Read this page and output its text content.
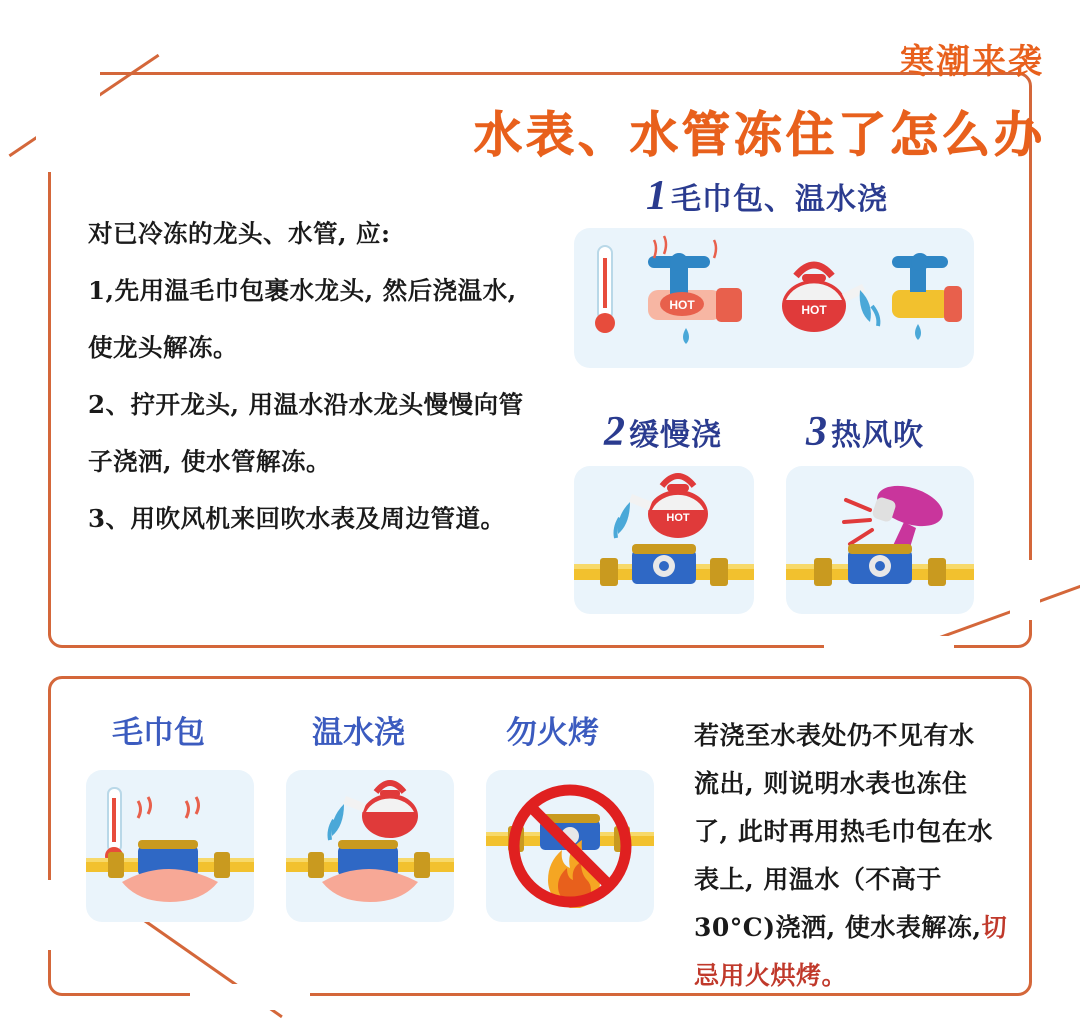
寒潮来袭
水表、水管冻住了怎么办

对已冷冻的龙头、水管, 应:

1,先用温毛巾包裹水龙头, 然后浇温水,

使龙头解冻。

2、拧开龙头, 用温水沿水龙头慢慢向管

子浇洒, 使水管解冻。

3、用吹风机来回吹水表及周边管道。

1 毛巾包、温水浇
HOT	HOT
2 缓慢浇 3 热风吹
HOT
毛巾包	温水浇	勿火烤	若浇至水表处仍不见有水
流出, 则说明水表也冻住
了, 此时再用热毛巾包在水
表上, 用温水（不高于
30°C)浇洒, 使水表解冻,切
忌用火烘烤。
